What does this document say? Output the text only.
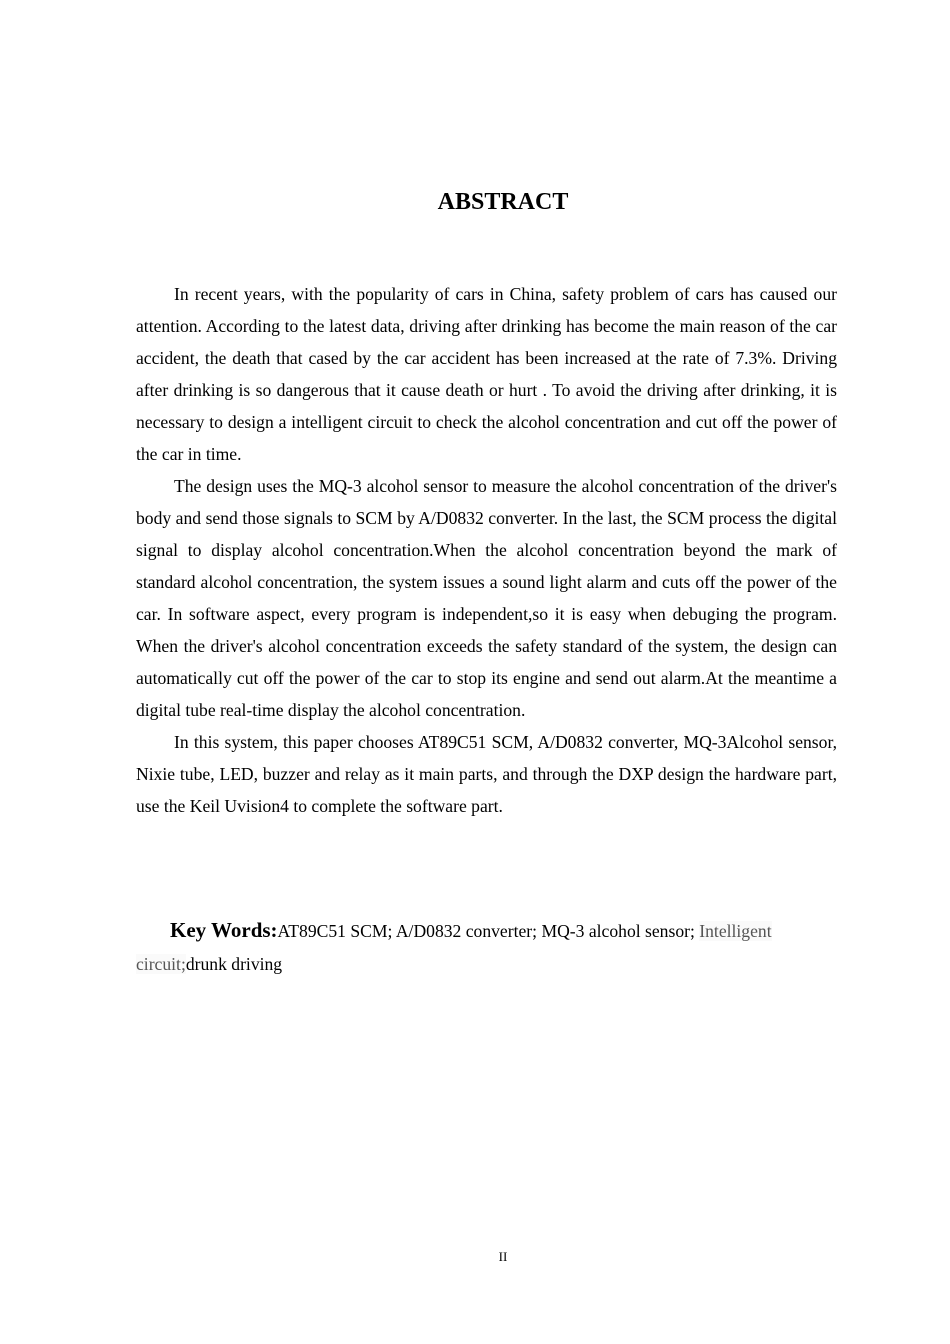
ABSTRACT

In recent years, with the popularity of cars in China, safety problem of cars has caused our attention. According to the latest data, driving after drinking has become the main reason of the car accident, the death that cased by the car accident has been increased at the rate of 7.3%. Driving after drinking is so dangerous that it cause death or hurt . To avoid the driving after drinking, it is necessary to design a intelligent circuit to check the alcohol concentration and cut off the power of the car in time.

The design uses the MQ-3 alcohol sensor to measure the alcohol concentration of the driver's body and send those signals to SCM by A/D0832 converter. In the last, the SCM process the digital signal to display alcohol concentration.When the alcohol concentration beyond the mark of standard alcohol concentration, the system issues a sound light alarm and cuts off the power of the car. In software aspect, every program is independent,so it is easy when debuging the program. When the driver's alcohol concentration exceeds the safety standard of the system, the design can automatically cut off the power of the car to stop its engine and send out alarm.At the meantime a digital tube real-time display the alcohol concentration.

In this system, this paper chooses AT89C51 SCM, A/D0832 converter, MQ-3Alcohol sensor, Nixie tube, LED, buzzer and relay as it main parts, and through the DXP design the hardware part, use the Keil Uvision4 to complete the software part.

Key Words:AT89C51 SCM; A/D0832 converter; MQ-3 alcohol sensor; Intelligent circuit;drunk driving

II
